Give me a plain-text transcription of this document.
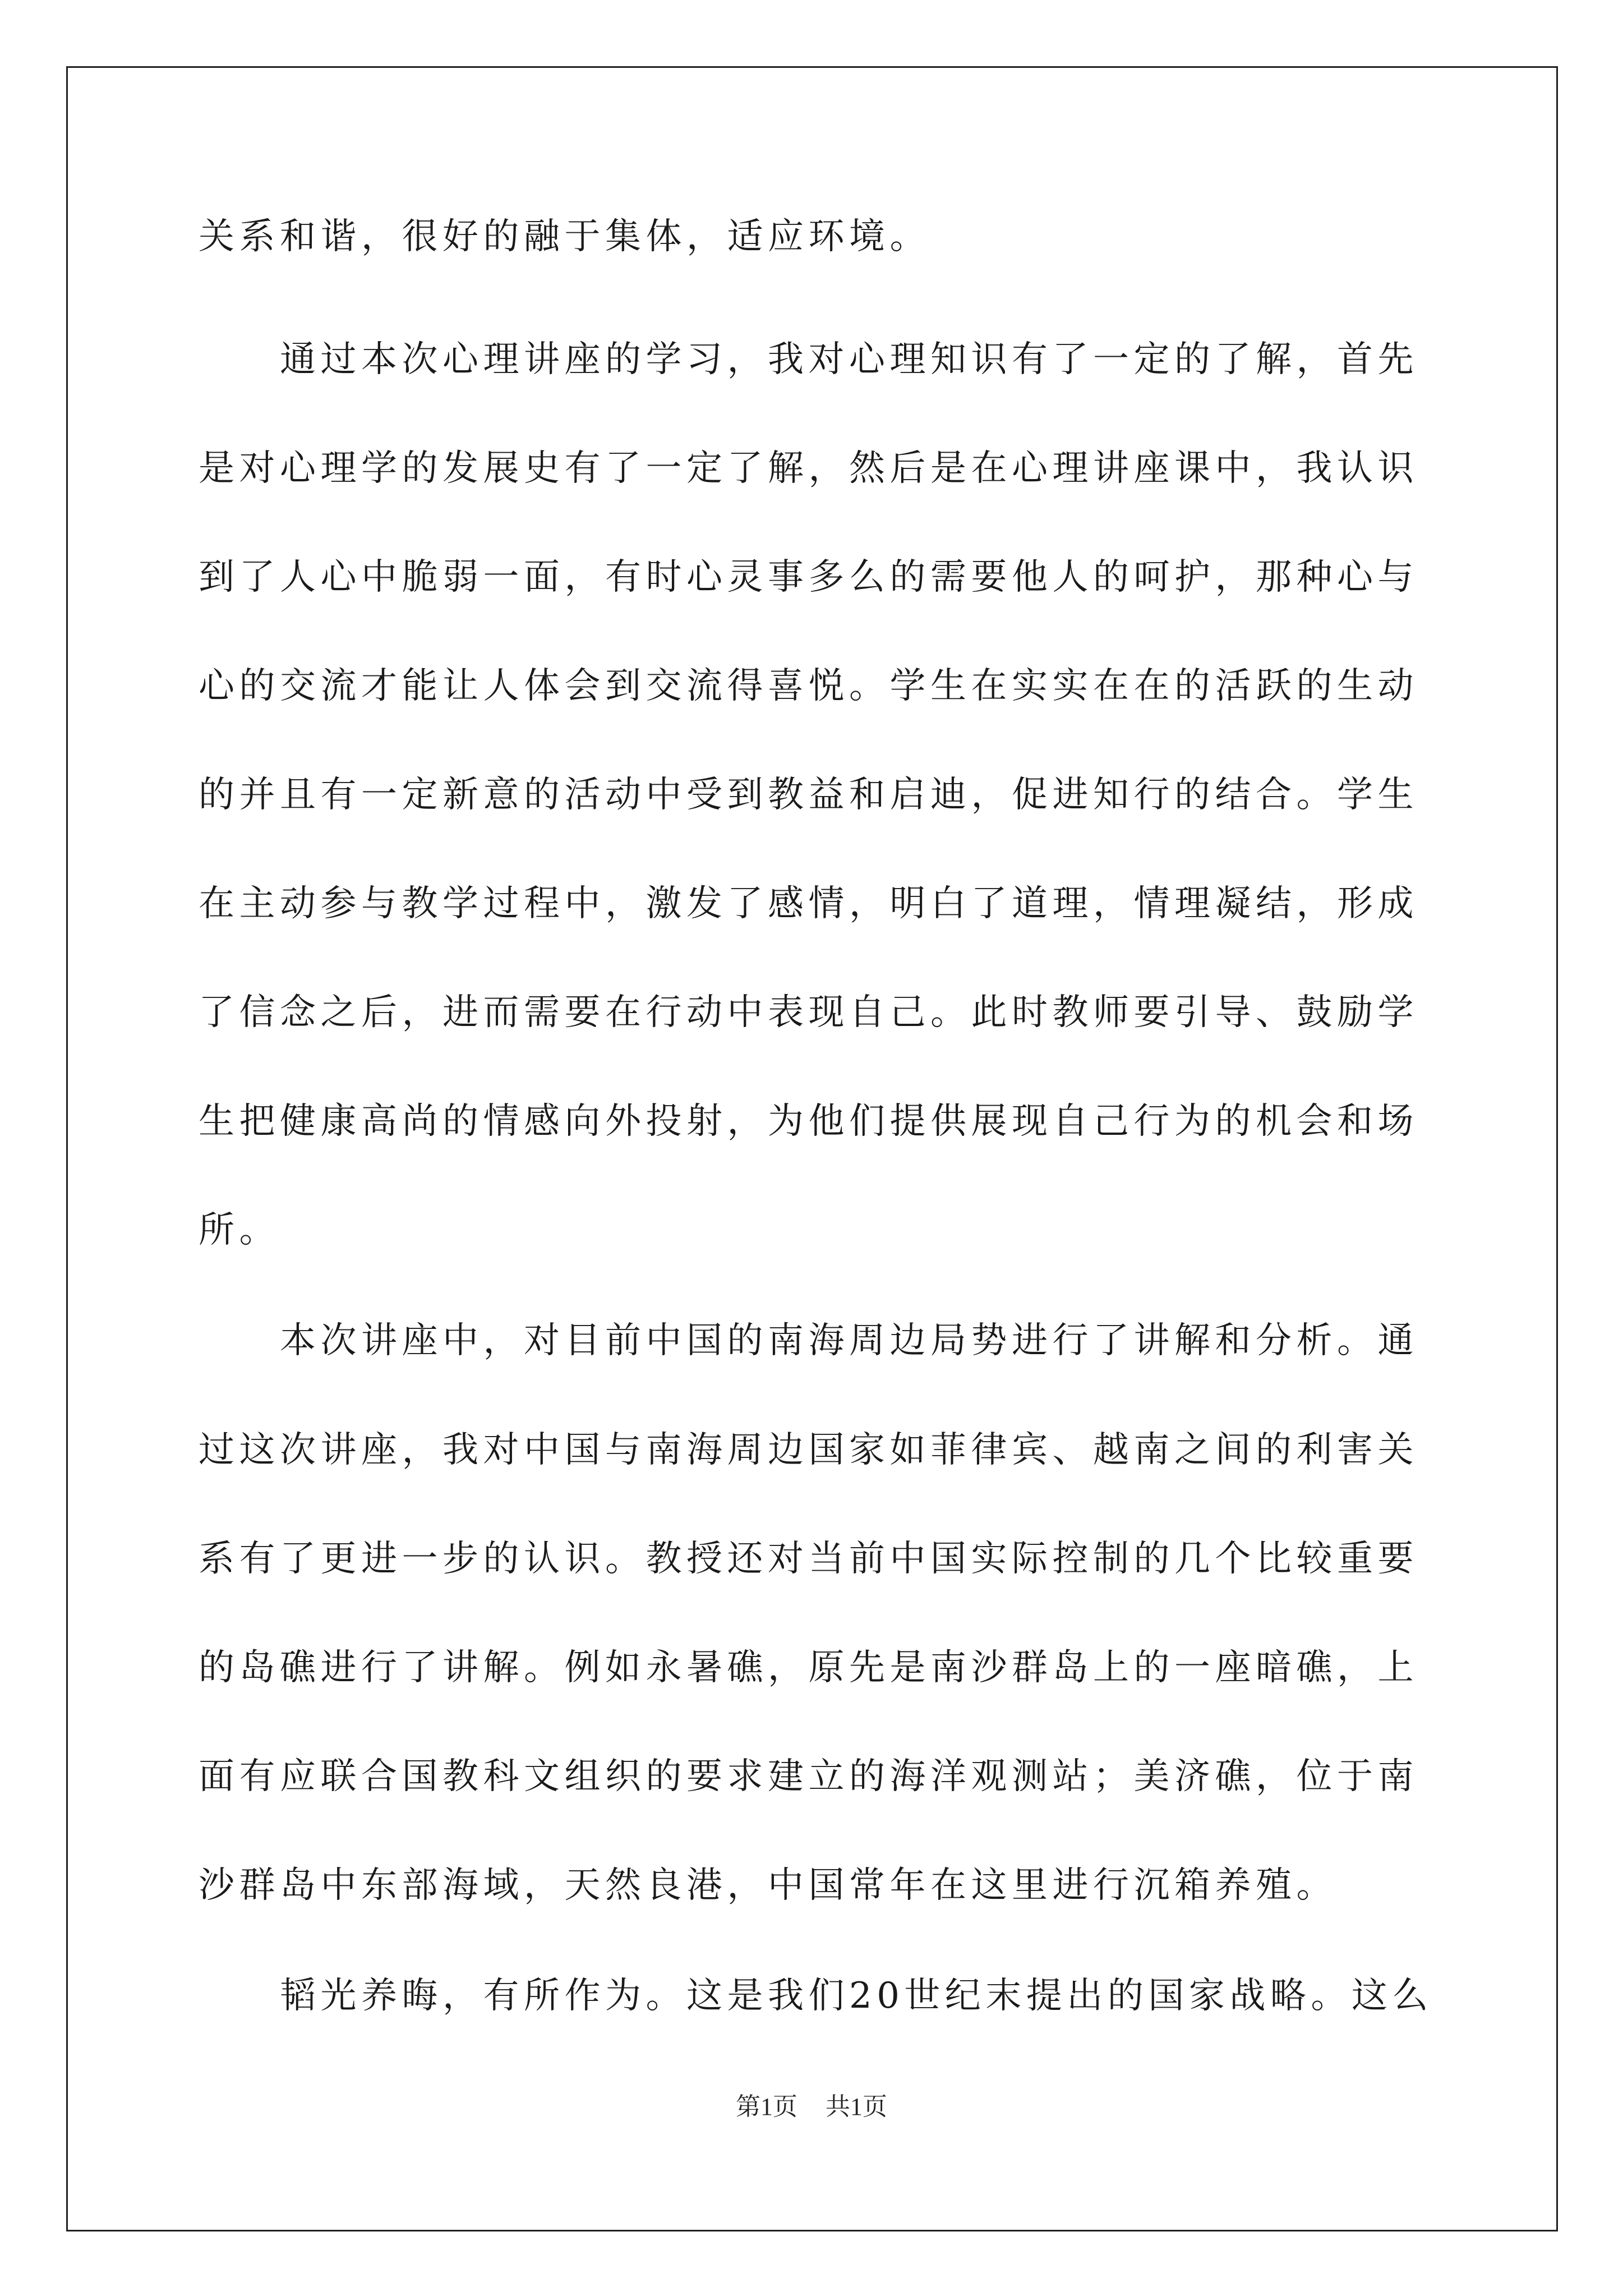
关系和谐，很好的融于集体，适应环境。
　　通过本次心理讲座的学习，我对心理知识有了一定的了解，首先
是对心理学的发展史有了一定了解，然后是在心理讲座课中，我认识
到了人心中脆弱一面，有时心灵事多么的需要他人的呵护，那种心与
心的交流才能让人体会到交流得喜悦。学生在实实在在的活跃的生动
的并且有一定新意的活动中受到教益和启迪，促进知行的结合。学生
在主动参与教学过程中，激发了感情，明白了道理，情理凝结，形成
了信念之后，进而需要在行动中表现自己。此时教师要引导、鼓励学
生把健康高尚的情感向外投射，为他们提供展现自己行为的机会和场
所。
　　本次讲座中，对目前中国的南海周边局势进行了讲解和分析。通
过这次讲座，我对中国与南海周边国家如菲律宾、越南之间的利害关
系有了更进一步的认识。教授还对当前中国实际控制的几个比较重要
的岛礁进行了讲解。例如永暑礁，原先是南沙群岛上的一座暗礁，上
面有应联合国教科文组织的要求建立的海洋观测站；美济礁，位于南
沙群岛中东部海域，天然良港，中国常年在这里进行沉箱养殖。
　　韬光养晦，有所作为。这是我们20世纪末提出的国家战略。这么
第1页 共1页
